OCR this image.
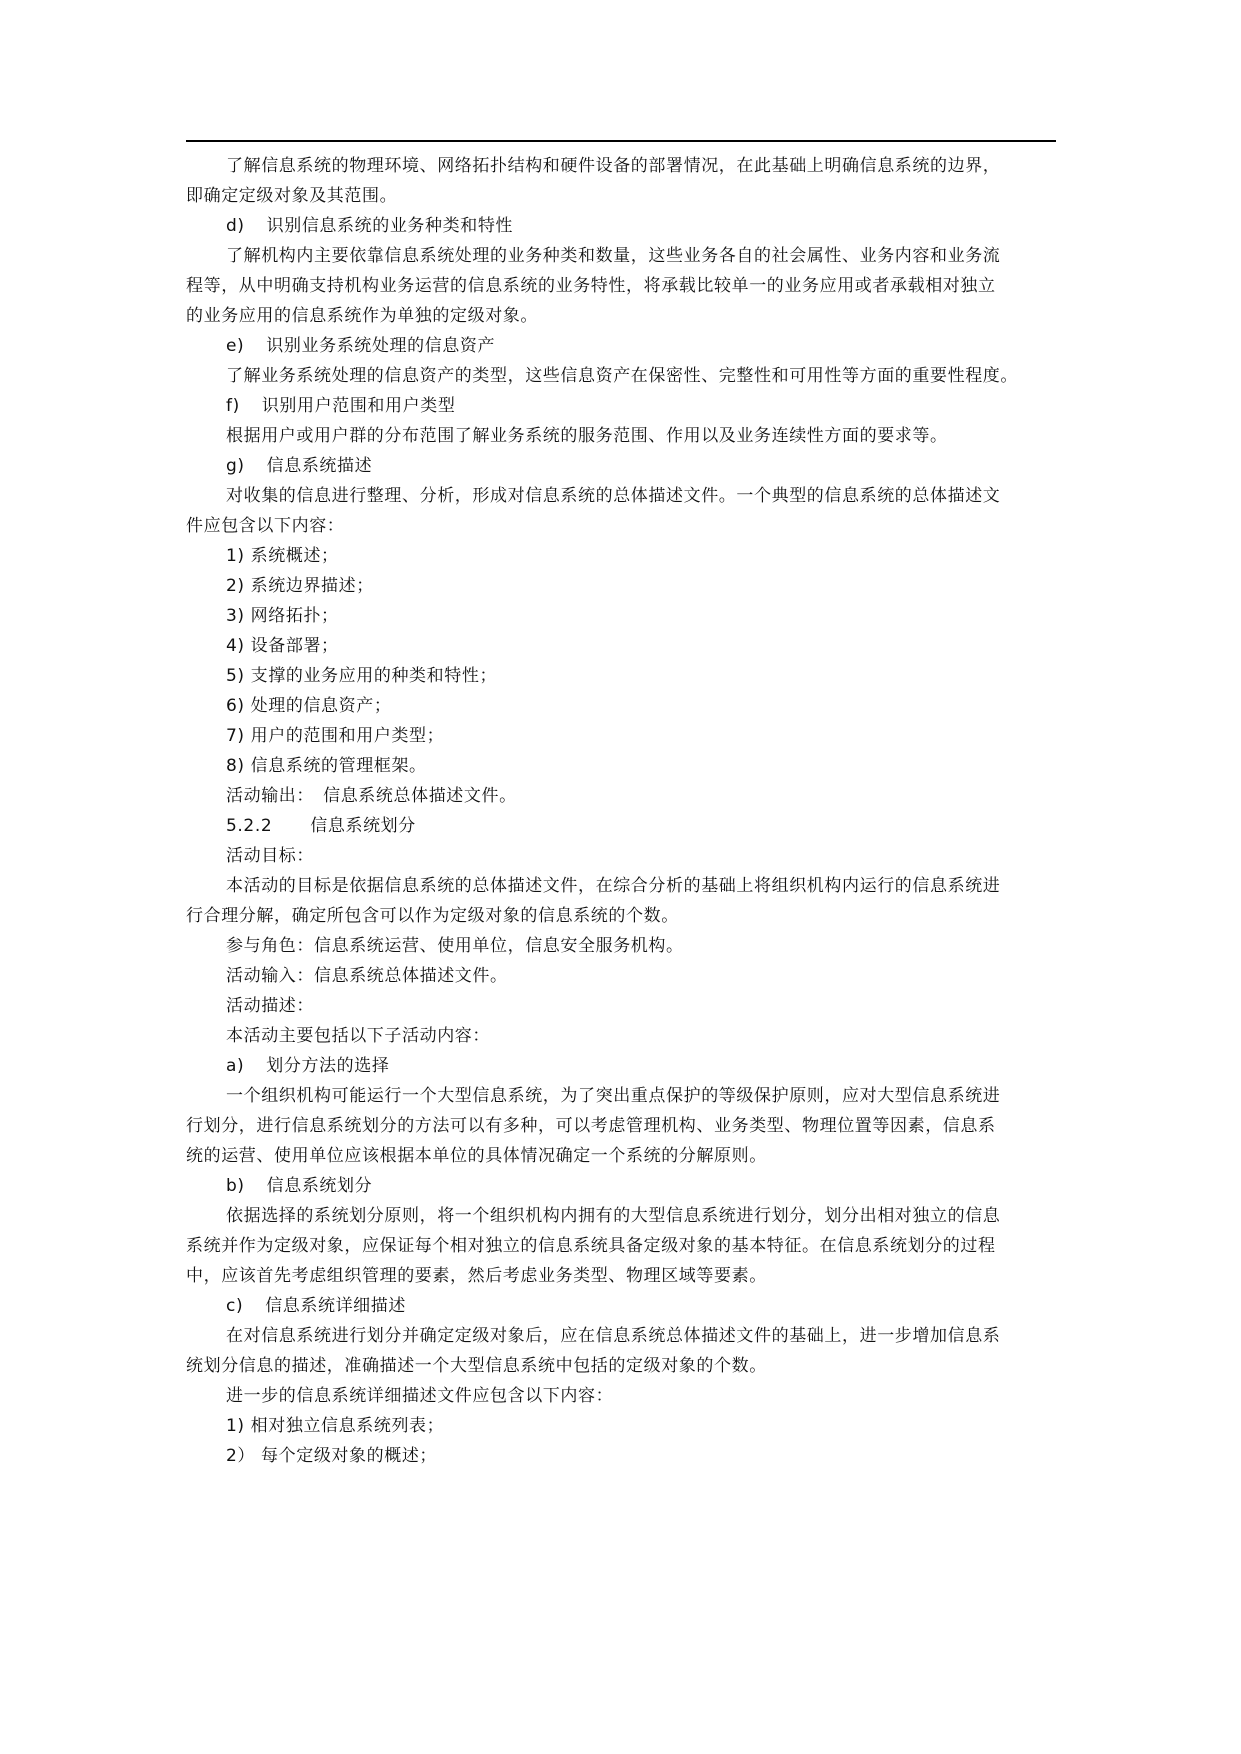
了解信息系统的物理环境、网络拓扑结构和硬件设备的部署情况，在此基础上明确信息系统的边界，
即确定定级对象及其范围。
d) 识别信息系统的业务种类和特性
了解机构内主要依靠信息系统处理的业务种类和数量，这些业务各自的社会属性、业务内容和业务流
程等，从中明确支持机构业务运营的信息系统的业务特性，将承载比较单一的业务应用或者承载相对独立
的业务应用的信息系统作为单独的定级对象。
e) 识别业务系统处理的信息资产
了解业务系统处理的信息资产的类型，这些信息资产在保密性、完整性和可用性等方面的重要性程度。
f) 识别用户范围和用户类型
根据用户或用户群的分布范围了解业务系统的服务范围、作用以及业务连续性方面的要求等。
g) 信息系统描述
对收集的信息进行整理、分析，形成对信息系统的总体描述文件。一个典型的信息系统的总体描述文
件应包含以下内容：
1) 系统概述；
2) 系统边界描述；
3) 网络拓扑；
4) 设备部署；
5) 支撑的业务应用的种类和特性；
6) 处理的信息资产；
7) 用户的范围和用户类型；
8) 信息系统的管理框架。
活动输出：　信息系统总体描述文件。
5.2.2 信息系统划分
活动目标：
本活动的目标是依据信息系统的总体描述文件，在综合分析的基础上将组织机构内运行的信息系统进
行合理分解，确定所包含可以作为定级对象的信息系统的个数。
参与角色：信息系统运营、使用单位，信息安全服务机构。
活动输入：信息系统总体描述文件。
活动描述：
本活动主要包括以下子活动内容：
a) 划分方法的选择
一个组织机构可能运行一个大型信息系统，为了突出重点保护的等级保护原则，应对大型信息系统进
行划分，进行信息系统划分的方法可以有多种，可以考虑管理机构、业务类型、物理位置等因素，信息系
统的运营、使用单位应该根据本单位的具体情况确定一个系统的分解原则。
b) 信息系统划分
依据选择的系统划分原则，将一个组织机构内拥有的大型信息系统进行划分，划分出相对独立的信息
系统并作为定级对象，应保证每个相对独立的信息系统具备定级对象的基本特征。在信息系统划分的过程
中，应该首先考虑组织管理的要素，然后考虑业务类型、物理区域等要素。
c) 信息系统详细描述
在对信息系统进行划分并确定定级对象后，应在信息系统总体描述文件的基础上，进一步增加信息系
统划分信息的描述，准确描述一个大型信息系统中包括的定级对象的个数。
进一步的信息系统详细描述文件应包含以下内容：
1) 相对独立信息系统列表；
2） 每个定级对象的概述；
